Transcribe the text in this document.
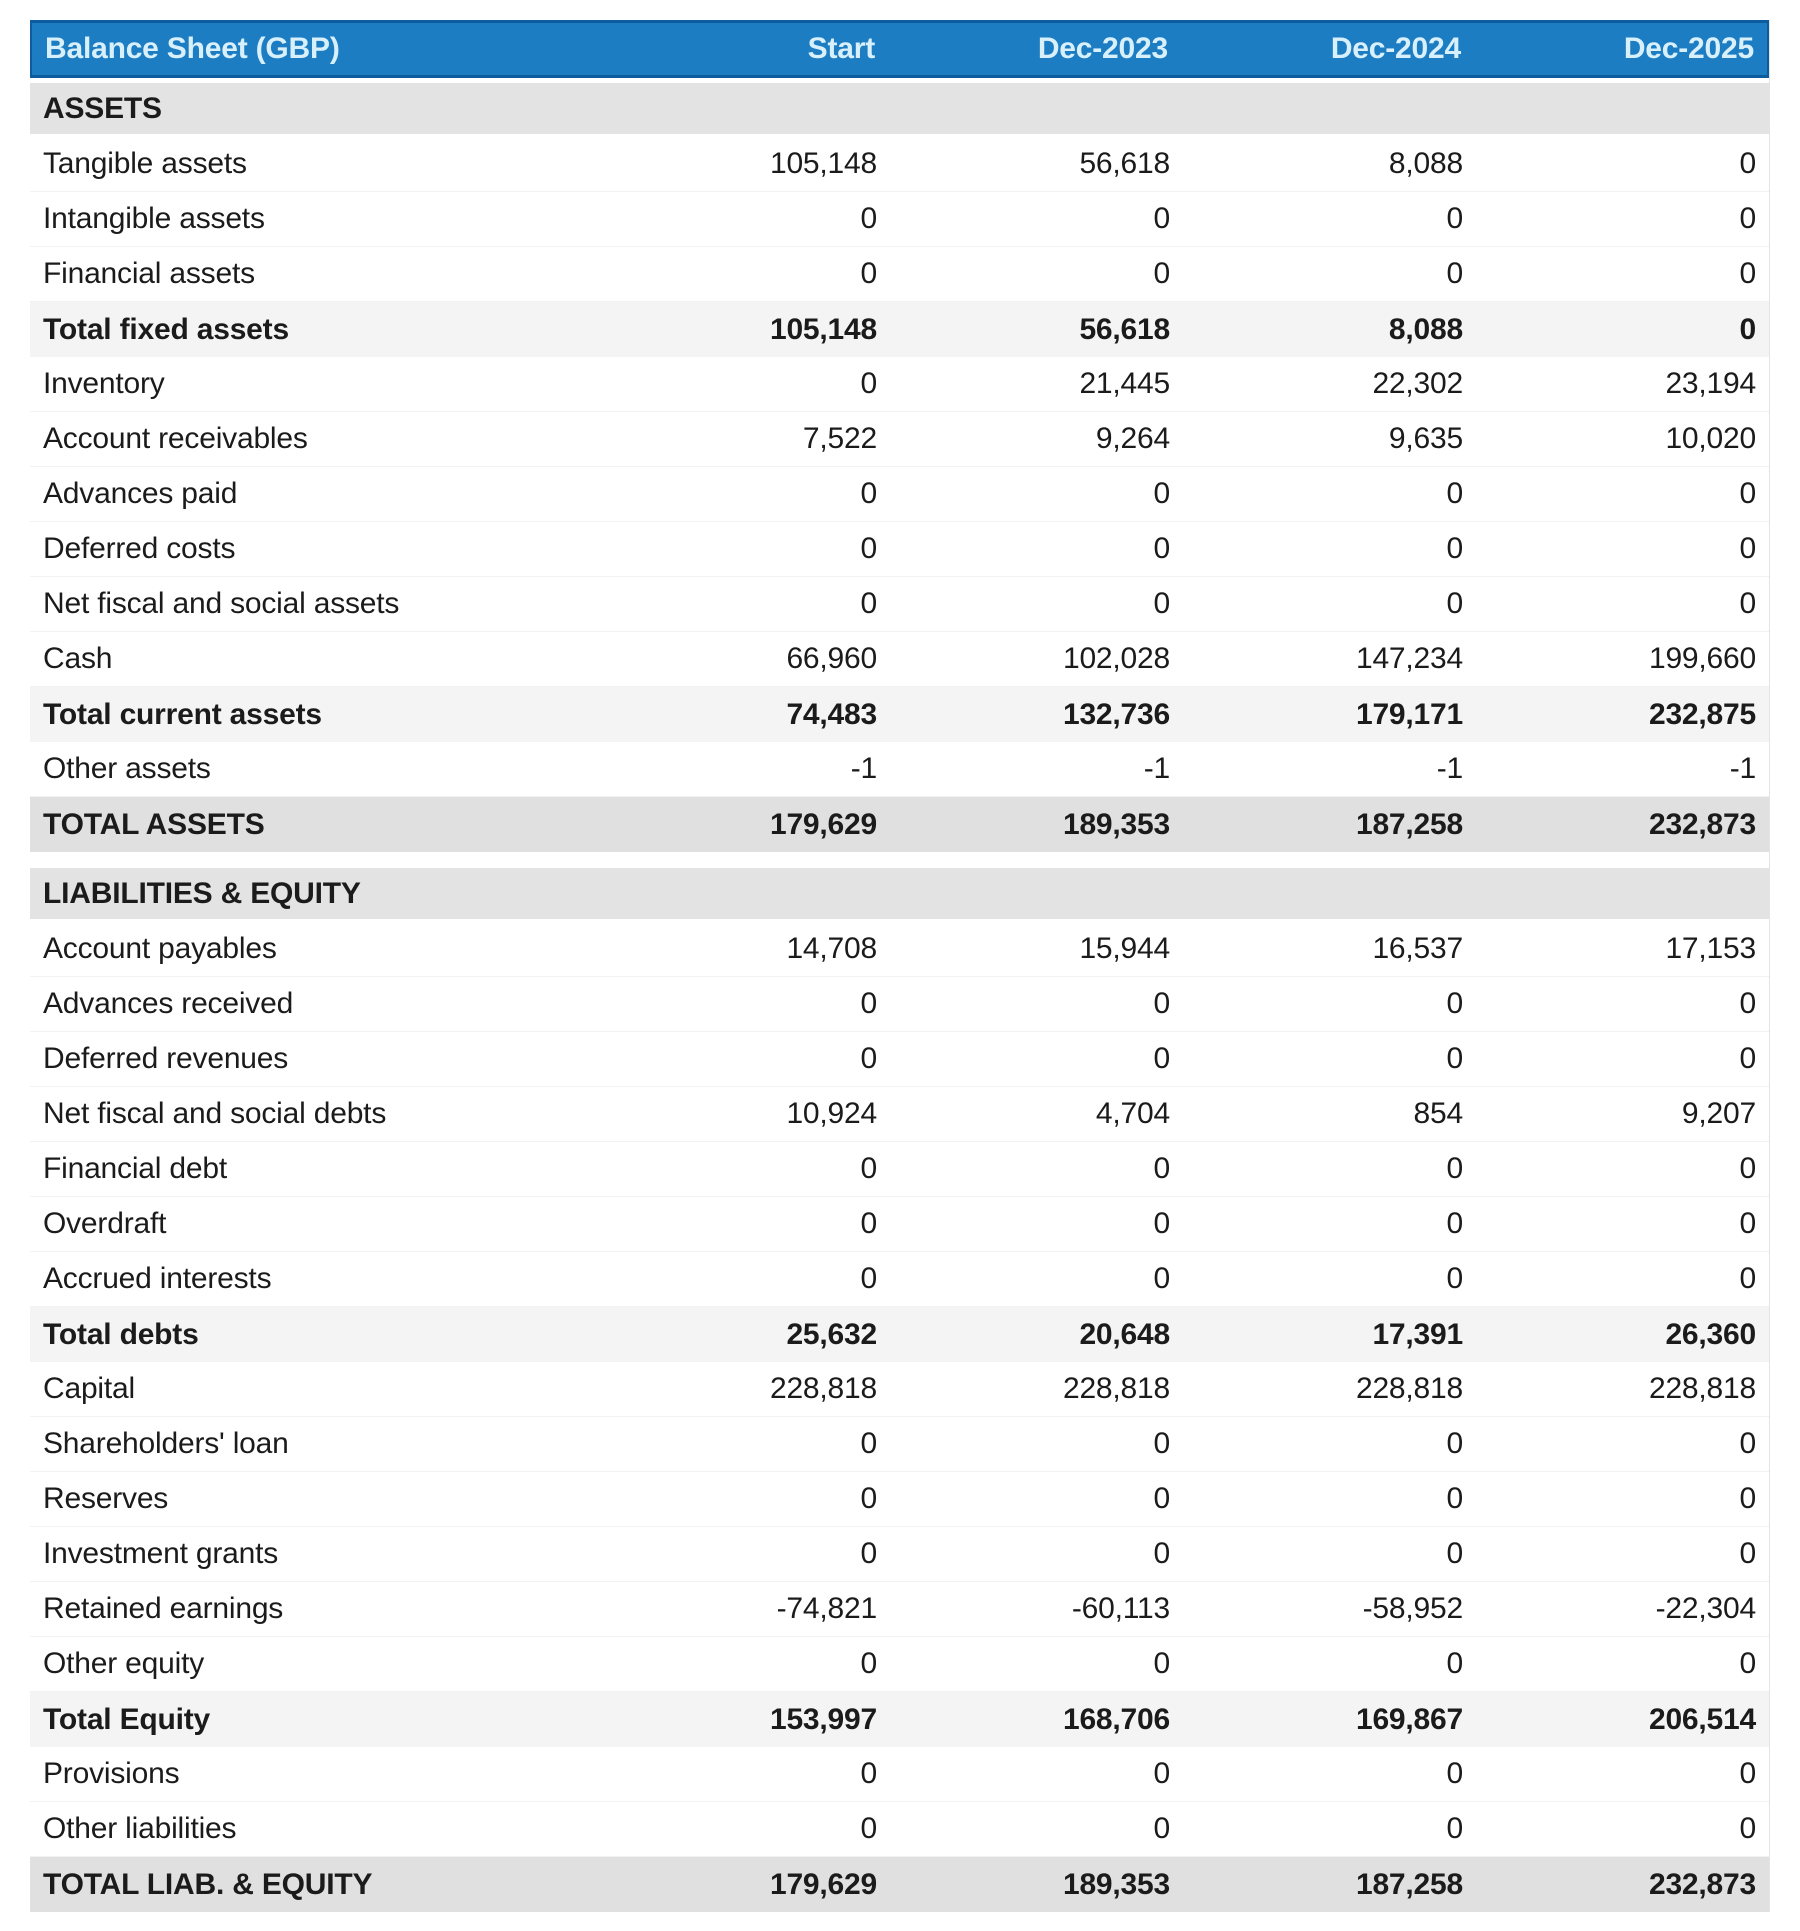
Balance Sheet (GBP)	Start	Dec-2023	Dec-2024	Dec-2025
ASSETS
Tangible assets	105,148	56,618	8,088	0
Intangible assets	0	0	0	0
Financial assets	0	0	0	0
Total fixed assets	105,148	56,618	8,088	0
Inventory	0	21,445	22,302	23,194
Account receivables	7,522	9,264	9,635	10,020
Advances paid	0	0	0	0
Deferred costs	0	0	0	0
Net fiscal and social assets	0	0	0	0
Cash	66,960	102,028	147,234	199,660
Total current assets	74,483	132,736	179,171	232,875
Other assets	-1	-1	-1	-1
TOTAL ASSETS	179,629	189,353	187,258	232,873
LIABILITIES & EQUITY
Account payables	14,708	15,944	16,537	17,153
Advances received	0	0	0	0
Deferred revenues	0	0	0	0
Net fiscal and social debts	10,924	4,704	854	9,207
Financial debt	0	0	0	0
Overdraft	0	0	0	0
Accrued interests	0	0	0	0
Total debts	25,632	20,648	17,391	26,360
Capital	228,818	228,818	228,818	228,818
Shareholders' loan	0	0	0	0
Reserves	0	0	0	0
Investment grants	0	0	0	0
Retained earnings	-74,821	-60,113	-58,952	-22,304
Other equity	0	0	0	0
Total Equity	153,997	168,706	169,867	206,514
Provisions	0	0	0	0
Other liabilities	0	0	0	0
TOTAL LIAB. & EQUITY	179,629	189,353	187,258	232,873
